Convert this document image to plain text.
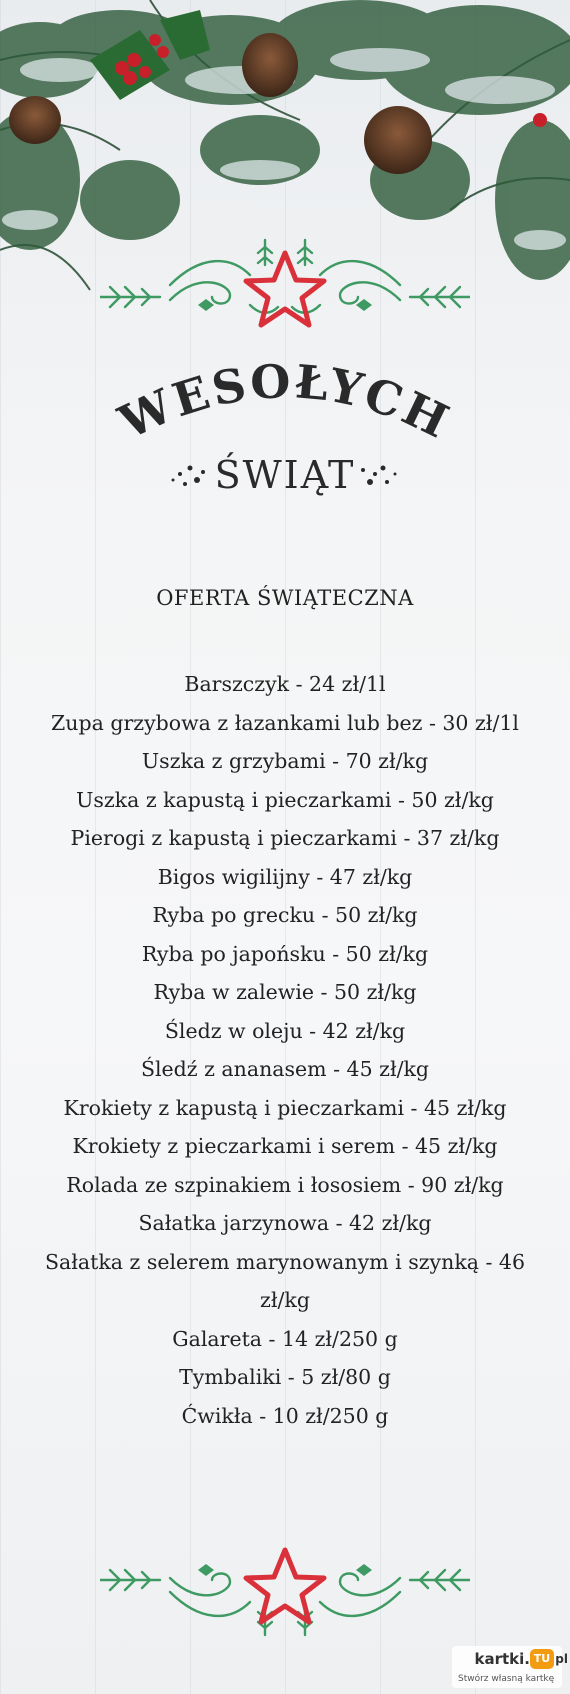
WESOŁYCH
ŚWIĄT
OFERTA ŚWIĄTECZNA
Barszczyk - 24 zł/1l
Zupa grzybowa z łazankami lub bez - 30 zł/1l
Uszka z grzybami - 70 zł/kg
Uszka z kapustą i pieczarkami - 50 zł/kg
Pierogi z kapustą i pieczarkami - 37 zł/kg
Bigos wigilijny - 47 zł/kg
Ryba po grecku - 50 zł/kg
Ryba po japońsku - 50 zł/kg
Ryba w zalewie - 50 zł/kg
Śledz w oleju - 42 zł/kg
Śledź z ananasem - 45 zł/kg
Krokiety z kapustą i pieczarkami - 45 zł/kg
Krokiety z pieczarkami i serem - 45 zł/kg
Rolada ze szpinakiem i łososiem - 90 zł/kg
Sałatka jarzynowa - 42 zł/kg
Sałatka z selerem marynowanym i szynką - 46 zł/kg
Galareta - 14 zł/250 g
Tymbaliki - 5 zł/80 g
Ćwikła - 10 zł/250 g
kartki. TU pl
Stwórz własną kartkę
